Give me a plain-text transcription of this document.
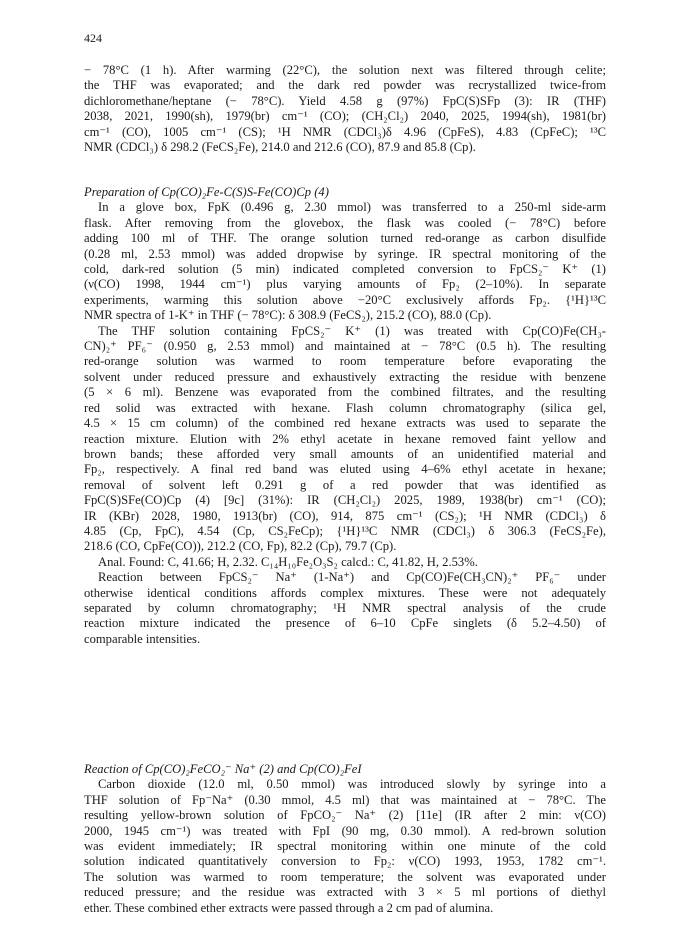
424
− 78°C (1 h). After warming (22°C), the solution next was filtered through celite;
the THF was evaporated; and the dark red powder was recrystallized twice-from
dichloromethane/heptane (− 78°C). Yield 4.58 g (97%) FpC(S)SFp (3): IR (THF)
2038, 2021, 1990(sh), 1979(br) cm⁻¹ (CO); (CH₂Cl₂) 2040, 2025, 1994(sh), 1981(br)
cm⁻¹ (CO), 1005 cm⁻¹ (CS); ¹H NMR (CDCl₃)δ 4.96 (CpFeS), 4.83 (CpFeC); ¹³C
NMR (CDCl₃) δ 298.2 (FeCS₂Fe), 214.0 and 212.6 (CO), 87.9 and 85.8 (Cp).
Preparation of Cp(CO)₂Fe-C(S)S-Fe(CO)Cp (4)
In a glove box, FpK (0.496 g, 2.30 mmol) was transferred to a 250-ml side-arm
flask. After removing from the glovebox, the flask was cooled (− 78°C) before
adding 100 ml of THF. The orange solution turned red-orange as carbon disulfide
(0.28 ml, 2.53 mmol) was added dropwise by syringe. IR spectral monitoring of the
cold, dark-red solution (5 min) indicated completed conversion to FpCS₂⁻ K⁺ (1)
(ν(CO) 1998, 1944 cm⁻¹) plus varying amounts of Fp₂ (2–10%). In separate
experiments, warming this solution above −20°C exclusively affords Fp₂. {¹H}¹³C
NMR spectra of 1-K⁺ in THF (− 78°C): δ 308.9 (FeCS₂), 215.2 (CO), 88.0 (Cp).
The THF solution containing FpCS₂⁻ K⁺ (1) was treated with Cp(CO)Fe(CH₃-
CN)₂⁺ PF₆⁻ (0.950 g, 2.53 mmol) and maintained at − 78°C (0.5 h). The resulting
red-orange solution was warmed to room temperature before evaporating the
solvent under reduced pressure and exhaustively extracting the residue with benzene
(5 × 6 ml). Benzene was evaporated from the combined filtrates, and the resulting
red solid was extracted with hexane. Flash column chromatography (silica gel,
4.5 × 15 cm column) of the combined red hexane extracts was used to separate the
reaction mixture. Elution with 2% ethyl acetate in hexane removed faint yellow and
brown bands; these afforded very small amounts of an unidentified material and
Fp₂, respectively. A final red band was eluted using 4–6% ethyl acetate in hexane;
removal of solvent left 0.291 g of a red powder that was identified as
FpC(S)SFe(CO)Cp (4) [9c] (31%): IR (CH₂Cl₂) 2025, 1989, 1938(br) cm⁻¹ (CO);
IR (KBr) 2028, 1980, 1913(br) (CO), 914, 875 cm⁻¹ (CS₂); ¹H NMR (CDCl₃) δ
4.85 (Cp, FpC), 4.54 (Cp, CS₂FeCp); {¹H}¹³C NMR (CDCl₃) δ 306.3 (FeCS₂Fe),
218.6 (CO, CpFe(CO)), 212.2 (CO, Fp), 82.2 (Cp), 79.7 (Cp).
Anal. Found: C, 41.66; H, 2.32. C₁₄H₁₀Fe₂O₃S₂ calcd.: C, 41.82, H, 2.53%.
Reaction between FpCS₂⁻ Na⁺ (1-Na⁺) and Cp(CO)Fe(CH₃CN)₂⁺ PF₆⁻ under
otherwise identical conditions affords complex mixtures. These were not adequately
separated by column chromatography; ¹H NMR spectral analysis of the crude
reaction mixture indicated the presence of 6–10 CpFe singlets (δ 5.2–4.50) of
comparable intensities.
Reaction of Cp(CO)₂FeCO₂⁻ Na⁺ (2) and Cp(CO)₂FeI
Carbon dioxide (12.0 ml, 0.50 mmol) was introduced slowly by syringe into a
THF solution of Fp⁻Na⁺ (0.30 mmol, 4.5 ml) that was maintained at − 78°C. The
resulting yellow-brown solution of FpCO₂⁻ Na⁺ (2) [11e] (IR after 2 min: ν(CO)
2000, 1945 cm⁻¹) was treated with FpI (90 mg, 0.30 mmol). A red-brown solution
was evident immediately; IR spectral monitoring within one minute of the cold
solution indicated quantitatively conversion to Fp₂: ν(CO) 1993, 1953, 1782 cm⁻¹.
The solution was warmed to room temperature; the solvent was evaporated under
reduced pressure; and the residue was extracted with 3 × 5 ml portions of diethyl
ether. These combined ether extracts were passed through a 2 cm pad of alumina.
